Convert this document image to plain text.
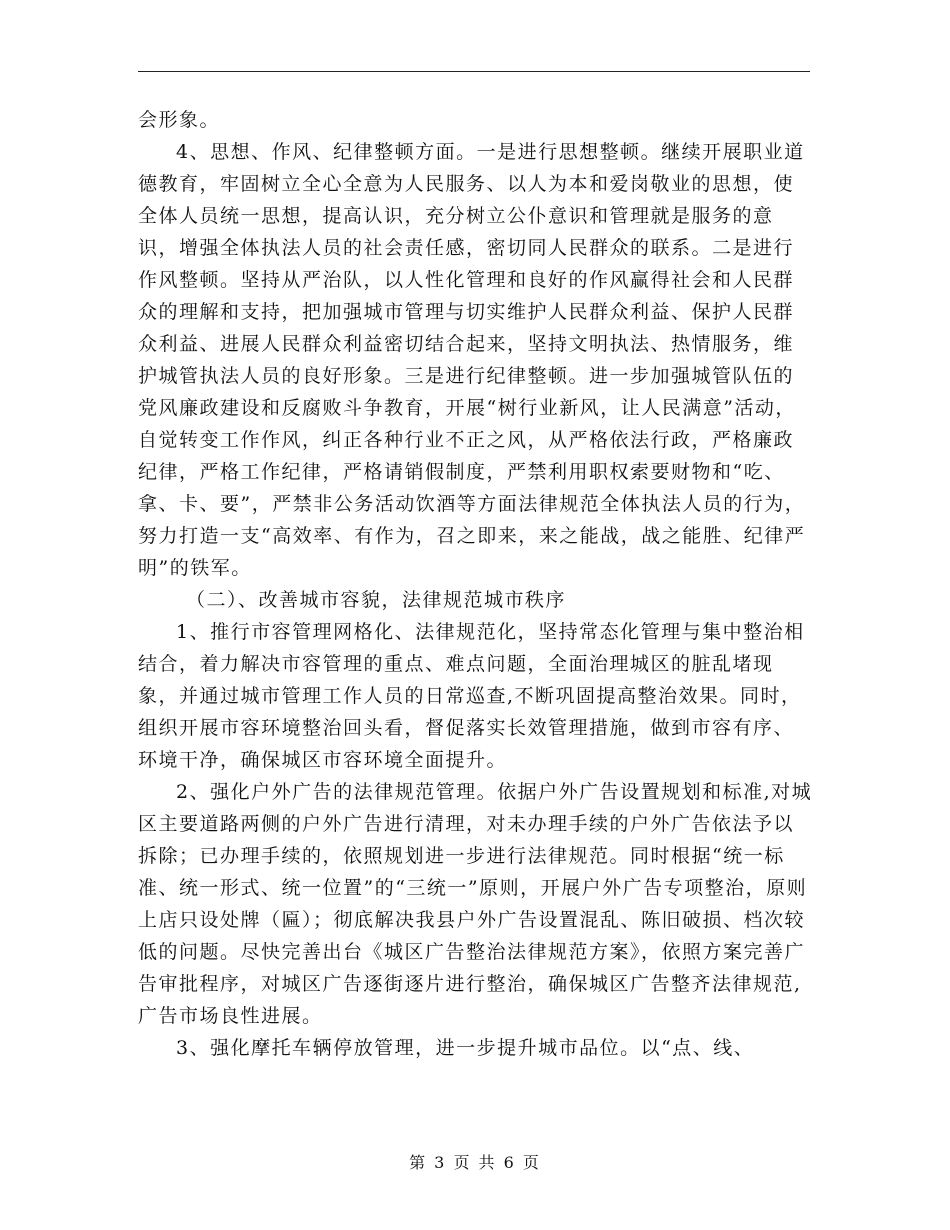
会形象。

4、思想、作风、纪律整顿方面。一是进行思想整顿。继续开展职业道德教育，牢固树立全心全意为人民服务、以人为本和爱岗敬业的思想，使全体人员统一思想，提高认识，充分树立公仆意识和管理就是服务的意识，增强全体执法人员的社会责任感，密切同人民群众的联系。二是进行作风整顿。坚持从严治队，以人性化管理和良好的作风赢得社会和人民群众的理解和支持，把加强城市管理与切实维护人民群众利益、保护人民群众利益、进展人民群众利益密切结合起来，坚持文明执法、热情服务，维护城管执法人员的良好形象。三是进行纪律整顿。进一步加强城管队伍的党风廉政建设和反腐败斗争教育，开展“树行业新风，让人民满意”活动，自觉转变工作作风，纠正各种行业不正之风，从严格依法行政，严格廉政纪律，严格工作纪律，严格请销假制度，严禁利用职权索要财物和“吃、拿、卡、要”，严禁非公务活动饮酒等方面法律规范全体执法人员的行为，努力打造一支“高效率、有作为，召之即来，来之能战，战之能胜、纪律严明”的铁军。

（二）、改善城市容貌，法律规范城市秩序

1、推行市容管理网格化、法律规范化，坚持常态化管理与集中整治相结合，着力解决市容管理的重点、难点问题，全面治理城区的脏乱堵现象，并通过城市管理工作人员的日常巡查,不断巩固提高整治效果。同时，组织开展市容环境整治回头看，督促落实长效管理措施，做到市容有序、环境干净，确保城区市容环境全面提升。

2、强化户外广告的法律规范管理。依据户外广告设置规划和标准,对城区主要道路两侧的户外广告进行清理，对未办理手续的户外广告依法予以拆除；已办理手续的，依照规划进一步进行法律规范。同时根据“统一标准、统一形式、统一位置”的“三统一”原则，开展户外广告专项整治，原则上店只设处牌（匾）；彻底解决我县户外广告设置混乱、陈旧破损、档次较低的问题。尽快完善出台《城区广告整治法律规范方案》，依照方案完善广告审批程序，对城区广告逐街逐片进行整治，确保城区广告整齐法律规范,广告市场良性进展。

3、强化摩托车辆停放管理，进一步提升城市品位。以“点、线、

第 3 页 共 6 页
